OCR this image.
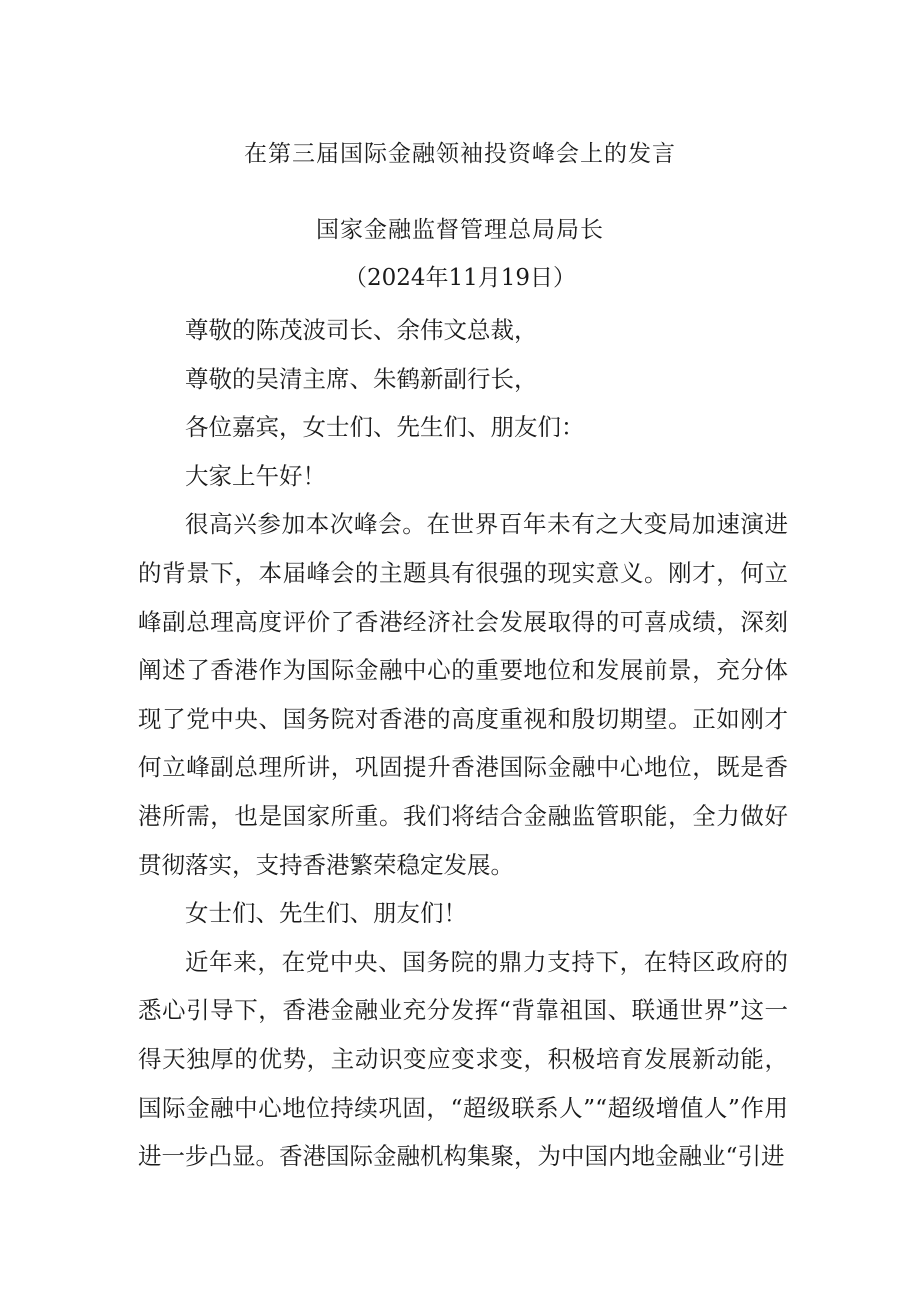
在第三届国际金融领袖投资峰会上的发言
国家金融监督管理总局局长
（2024年11月19日）

尊敬的陈茂波司长、余伟文总裁，

尊敬的吴清主席、朱鹤新副行长，

各位嘉宾，女士们、先生们、朋友们：

大家上午好！

很高兴参加本次峰会。在世界百年未有之大变局加速演进的背景下，本届峰会的主题具有很强的现实意义。刚才，何立峰副总理高度评价了香港经济社会发展取得的可喜成绩，深刻阐述了香港作为国际金融中心的重要地位和发展前景，充分体现了党中央、国务院对香港的高度重视和殷切期望。正如刚才何立峰副总理所讲，巩固提升香港国际金融中心地位，既是香港所需，也是国家所重。我们将结合金融监管职能，全力做好贯彻落实，支持香港繁荣稳定发展。

女士们、先生们、朋友们！

近年来，在党中央、国务院的鼎力支持下，在特区政府的悉心引导下，香港金融业充分发挥“背靠祖国、联通世界”这一得天独厚的优势，主动识变应变求变，积极培育发展新动能，国际金融中心地位持续巩固，“超级联系人”“超级增值人”作用进一步凸显。香港国际金融机构集聚，为中国内地金融业“引进
